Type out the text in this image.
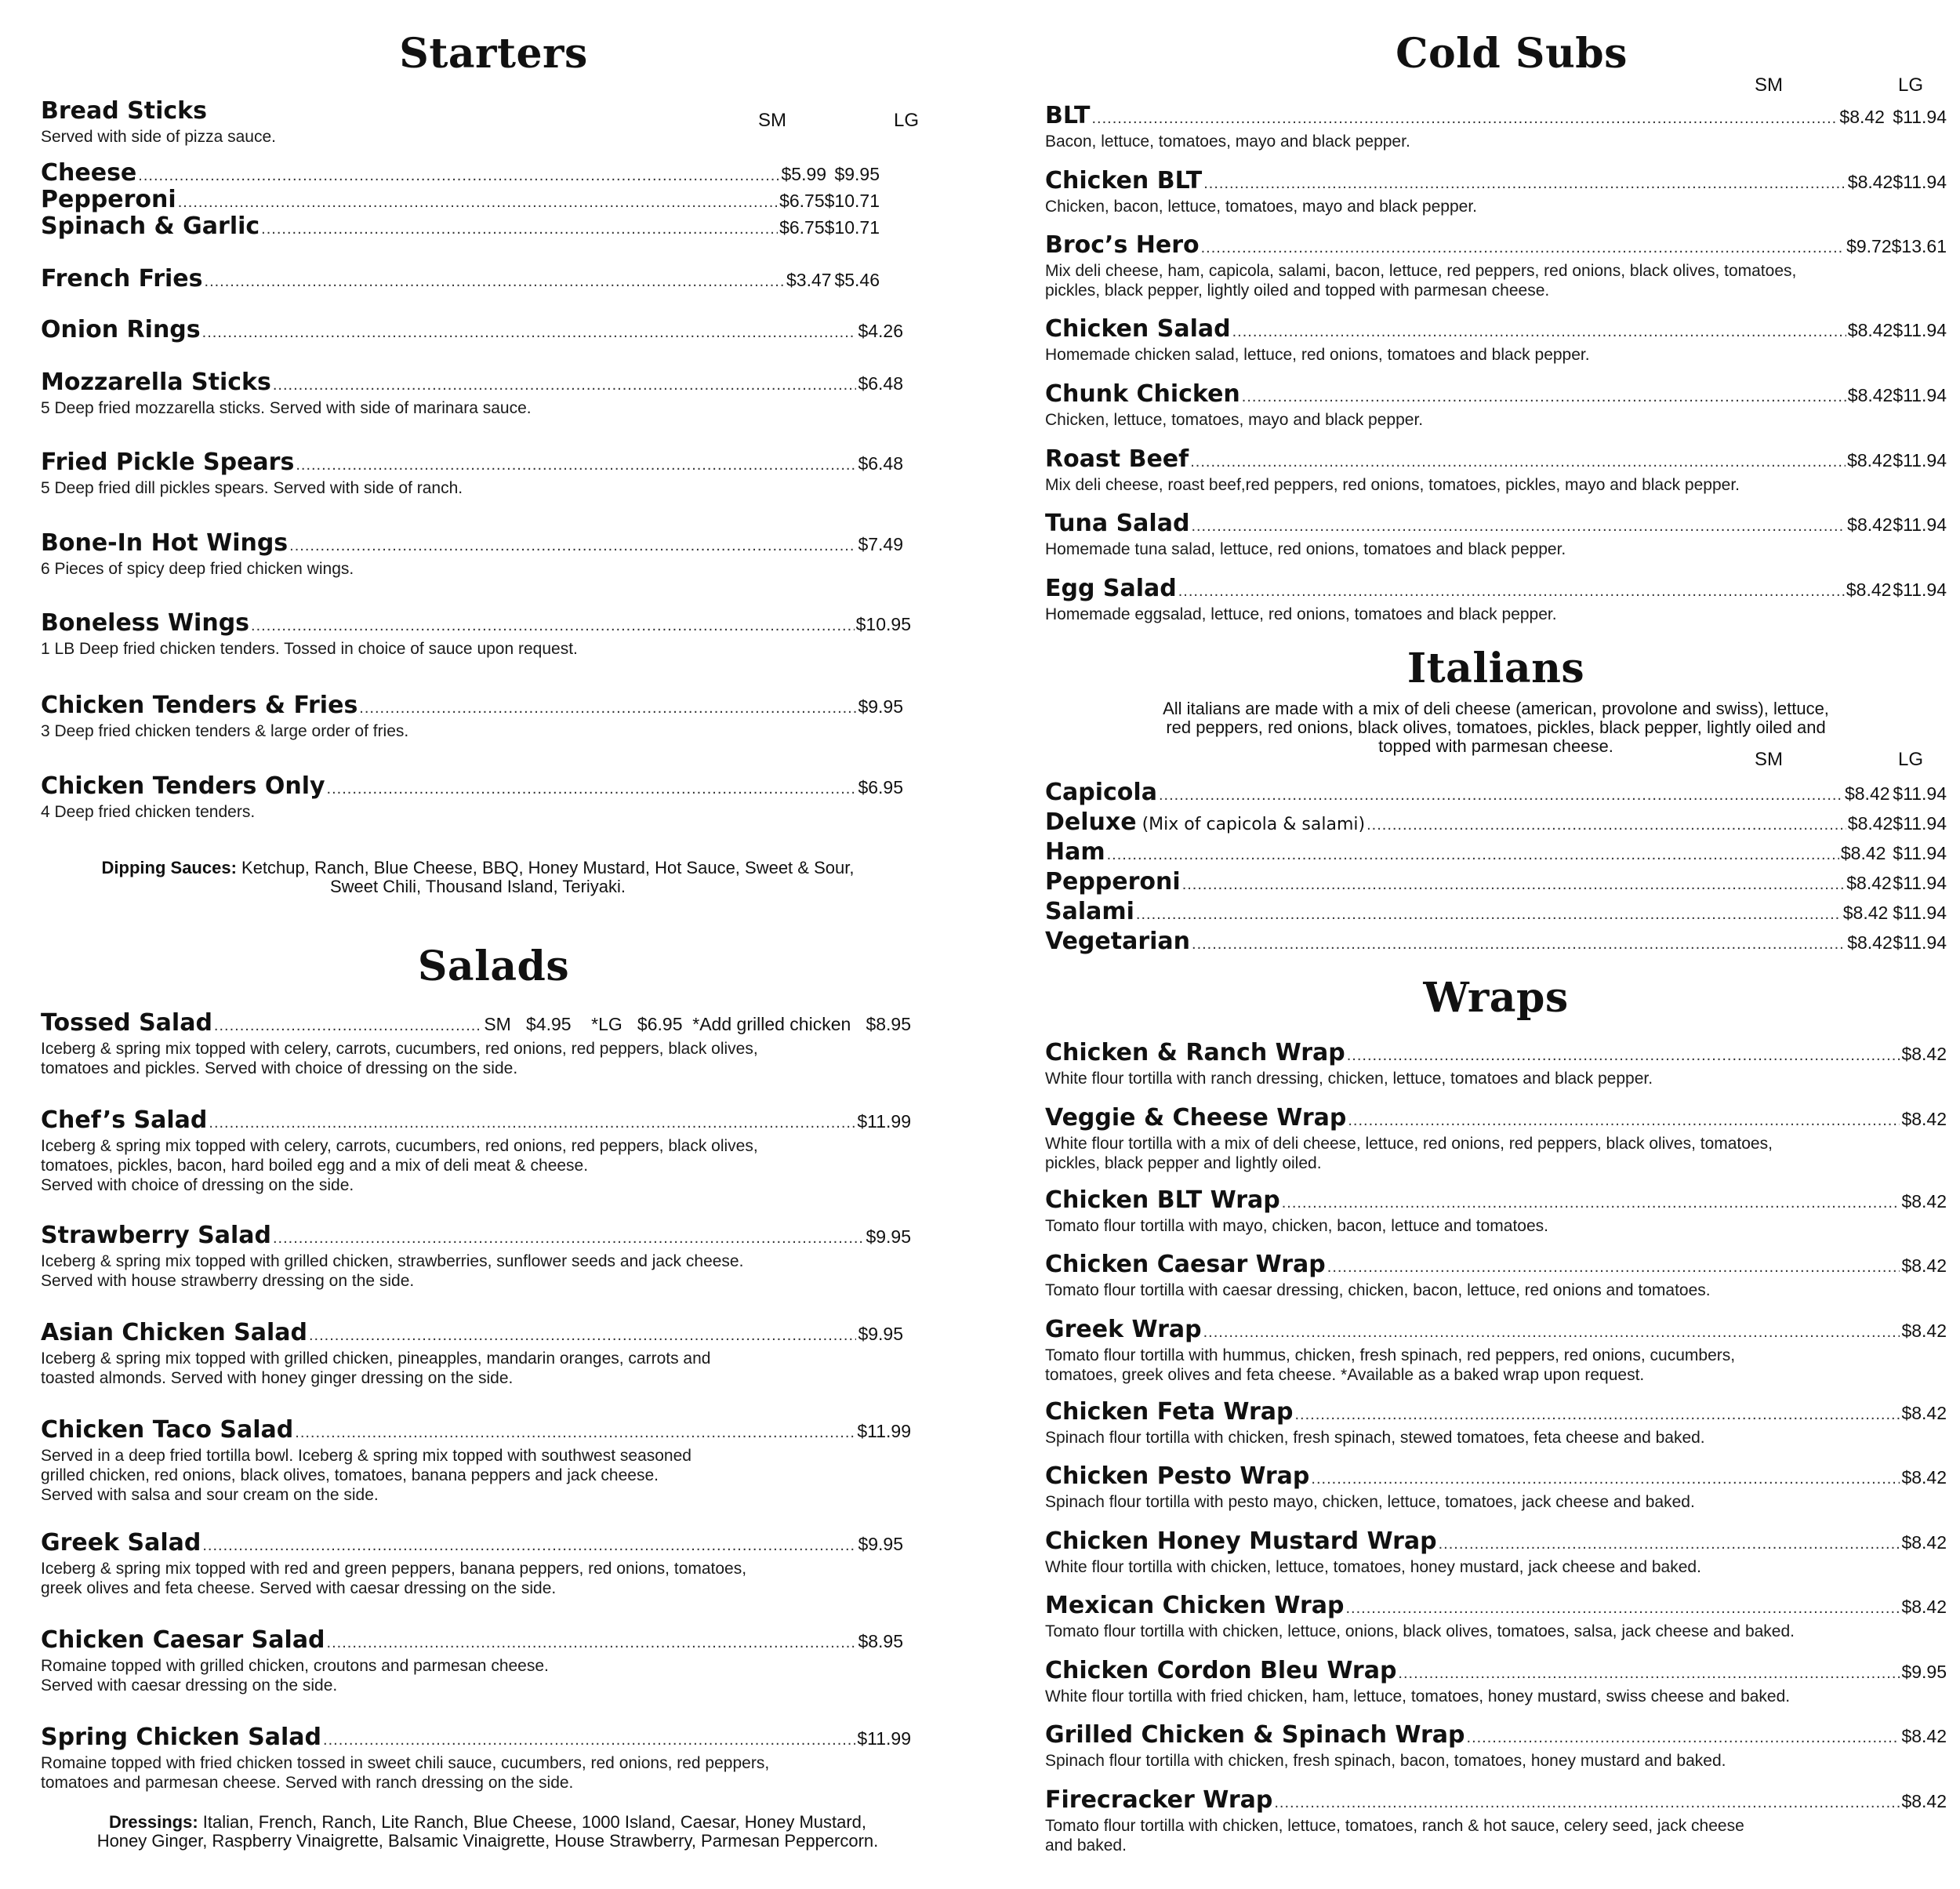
Starters
SM	LG
Bread Sticks
Served with side of pizza sauce.
Cheese .....	$5.99 $9.95
Pepperoni .....	$6.75 $10.71
Spinach & Garlic .....	$6.75 $10.71
French Fries .....	$3.47 $5.46
Onion Rings .....	$4.26
Mozzarella Sticks .....	$6.48
5 Deep fried mozzarella sticks. Served with side of marinara sauce.
Fried Pickle Spears .....	$6.48
5 Deep fried dill pickles spears. Served with side of ranch.
Bone-In Hot Wings .....	$7.49
6 Pieces of spicy deep fried chicken wings.
Boneless Wings .....	$10.95
1 LB Deep fried chicken tenders. Tossed in choice of sauce upon request.
Chicken Tenders & Fries .....	$9.95
3 Deep fried chicken tenders & large order of fries.
Chicken Tenders Only .....	$6.95
4 Deep fried chicken tenders.
Dipping Sauces: Ketchup, Ranch, Blue Cheese, BBQ, Honey Mustard, Hot Sauce, Sweet & Sour,
Sweet Chili, Thousand Island, Teriyaki.
Salads
Tossed Salad .....	SM   $4.95    *LG   $6.95  *Add grilled chicken   $8.95
Iceberg & spring mix topped with celery, carrots, cucumbers, red onions, red peppers, black olives,
tomatoes and pickles. Served with choice of dressing on the side.
Chef’s Salad .....	$11.99
Iceberg & spring mix topped with celery, carrots, cucumbers, red onions, red peppers, black olives,
tomatoes, pickles, bacon, hard boiled egg and a mix of deli meat & cheese.
Served with choice of dressing on the side.
Strawberry Salad .....	$9.95
Iceberg & spring mix topped with grilled chicken, strawberries, sunflower seeds and jack cheese.
Served with house strawberry dressing on the side.
Asian Chicken Salad .....	$9.95
Iceberg & spring mix topped with grilled chicken, pineapples, mandarin oranges, carrots and
toasted almonds. Served with honey ginger dressing on the side.
Chicken Taco Salad .....	$11.99
Served in a deep fried tortilla bowl. Iceberg & spring mix topped with southwest seasoned
grilled chicken, red onions, black olives, tomatoes, banana peppers and jack cheese.
Served with salsa and sour cream on the side.
Greek Salad .....	$9.95
Iceberg & spring mix topped with red and green peppers, banana peppers, red onions, tomatoes,
greek olives and feta cheese. Served with caesar dressing on the side.
Chicken Caesar Salad .....	$8.95
Romaine topped with grilled chicken, croutons and parmesan cheese.
Served with caesar dressing on the side.
Spring Chicken Salad .....	$11.99
Romaine topped with fried chicken tossed in sweet chili sauce, cucumbers, red onions, red peppers,
tomatoes and parmesan cheese. Served with ranch dressing on the side.
Dressings: Italian, French, Ranch, Lite Ranch, Blue Cheese, 1000 Island, Caesar, Honey Mustard,
Honey Ginger, Raspberry Vinaigrette, Balsamic Vinaigrette, House Strawberry, Parmesan Peppercorn.
Cold Subs
SM	LG
BLT .....	$8.42 $11.94
Bacon, lettuce, tomatoes, mayo and black pepper.
Chicken BLT .....	$8.42 $11.94
Chicken, bacon, lettuce, tomatoes, mayo and black pepper.
Broc’s Hero .....	$9.72 $13.61
Mix deli cheese, ham, capicola, salami, bacon, lettuce, red peppers, red onions, black olives, tomatoes,
pickles, black pepper, lightly oiled and topped with parmesan cheese.
Chicken Salad .....	$8.42 $11.94
Homemade chicken salad, lettuce, red onions, tomatoes and black pepper.
Chunk Chicken .....	$8.42 $11.94
Chicken, lettuce, tomatoes, mayo and black pepper.
Roast Beef .....	$8.42 $11.94
Mix deli cheese, roast beef,red peppers, red onions, tomatoes, pickles, mayo and black pepper.
Tuna Salad .....	$8.42 $11.94
Homemade tuna salad, lettuce, red onions, tomatoes and black pepper.
Egg Salad .....	$8.42 $11.94
Homemade eggsalad, lettuce, red onions, tomatoes and black pepper.
Italians
All italians are made with a mix of deli cheese (american, provolone and swiss), lettuce,
red peppers, red onions, black olives, tomatoes, pickles, black pepper, lightly oiled and
topped with parmesan cheese.
SM	LG
Capicola .....	$8.42 $11.94
Deluxe (Mix of capicola & salami) .....	$8.42 $11.94
Ham .....	$8.42 $11.94
Pepperoni .....	$8.42 $11.94
Salami .....	$8.42 $11.94
Vegetarian .....	$8.42 $11.94
Wraps
Chicken & Ranch Wrap .....	$8.42
White flour tortilla with ranch dressing, chicken, lettuce, tomatoes and black pepper.
Veggie & Cheese Wrap .....	$8.42
White flour tortilla with a mix of deli cheese, lettuce, red onions, red peppers, black olives, tomatoes,
pickles, black pepper and lightly oiled.
Chicken BLT Wrap .....	$8.42
Tomato flour tortilla with mayo, chicken, bacon, lettuce and tomatoes.
Chicken Caesar Wrap .....	$8.42
Tomato flour tortilla with caesar dressing, chicken, bacon, lettuce, red onions and tomatoes.
Greek Wrap .....	$8.42
Tomato flour tortilla with hummus, chicken, fresh spinach, red peppers, red onions, cucumbers,
tomatoes, greek olives and feta cheese. *Available as a baked wrap upon request.
Chicken Feta Wrap .....	$8.42
Spinach flour tortilla with chicken, fresh spinach, stewed tomatoes, feta cheese and baked.
Chicken Pesto Wrap .....	$8.42
Spinach flour tortilla with pesto mayo, chicken, lettuce, tomatoes, jack cheese and baked.
Chicken Honey Mustard Wrap .....	$8.42
White flour tortilla with chicken, lettuce, tomatoes, honey mustard, jack cheese and baked.
Mexican Chicken Wrap .....	$8.42
Tomato flour tortilla with chicken, lettuce, onions, black olives, tomatoes, salsa, jack cheese and baked.
Chicken Cordon Bleu Wrap .....	$9.95
White flour tortilla with fried chicken, ham, lettuce, tomatoes, honey mustard, swiss cheese and baked.
Grilled Chicken & Spinach Wrap .....	$8.42
Spinach flour tortilla with chicken, fresh spinach, bacon, tomatoes, honey mustard and baked.
Firecracker Wrap .....	$8.42
Tomato flour tortilla with chicken, lettuce, tomatoes, ranch & hot sauce, celery seed, jack cheese
and baked.
